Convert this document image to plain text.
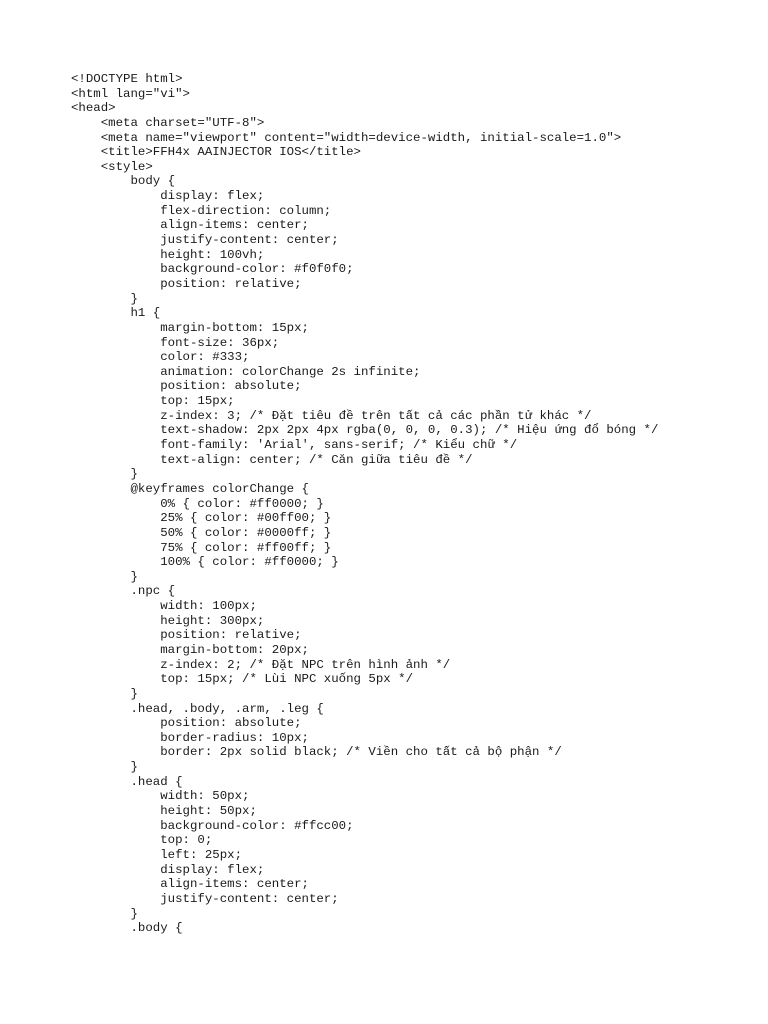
<!DOCTYPE html>
<html lang="vi">
<head>
<meta charset="UTF-8">
<meta name="viewport" content="width=device-width, initial-scale=1.0">
<title>FFH4x AAINJECTOR IOS</title>
<style>
body {
display: flex;
flex-direction: column;
align-items: center;
justify-content: center;
height: 100vh;
background-color: #f0f0f0;
position: relative;
}
h1 {
margin-bottom: 15px;
font-size: 36px;
color: #333;
animation: colorChange 2s infinite;
position: absolute;
top: 15px;
z-index: 3; /* Đặt tiêu đề trên tất cả các phần tử khác */
text-shadow: 2px 2px 4px rgba(0, 0, 0, 0.3); /* Hiệu ứng đổ bóng */
font-family: 'Arial', sans-serif; /* Kiểu chữ */
text-align: center; /* Căn giữa tiêu đề */
}
@keyframes colorChange {
0% { color: #ff0000; }
25% { color: #00ff00; }
50% { color: #0000ff; }
75% { color: #ff00ff; }
100% { color: #ff0000; }
}
.npc {
width: 100px;
height: 300px;
position: relative;
margin-bottom: 20px;
z-index: 2; /* Đặt NPC trên hình ảnh */
top: 15px; /* Lùi NPC xuống 5px */
}
.head, .body, .arm, .leg {
position: absolute;
border-radius: 10px;
border: 2px solid black; /* Viền cho tất cả bộ phận */
}
.head {
width: 50px;
height: 50px;
background-color: #ffcc00;
top: 0;
left: 25px;
display: flex;
align-items: center;
justify-content: center;
}
.body {
